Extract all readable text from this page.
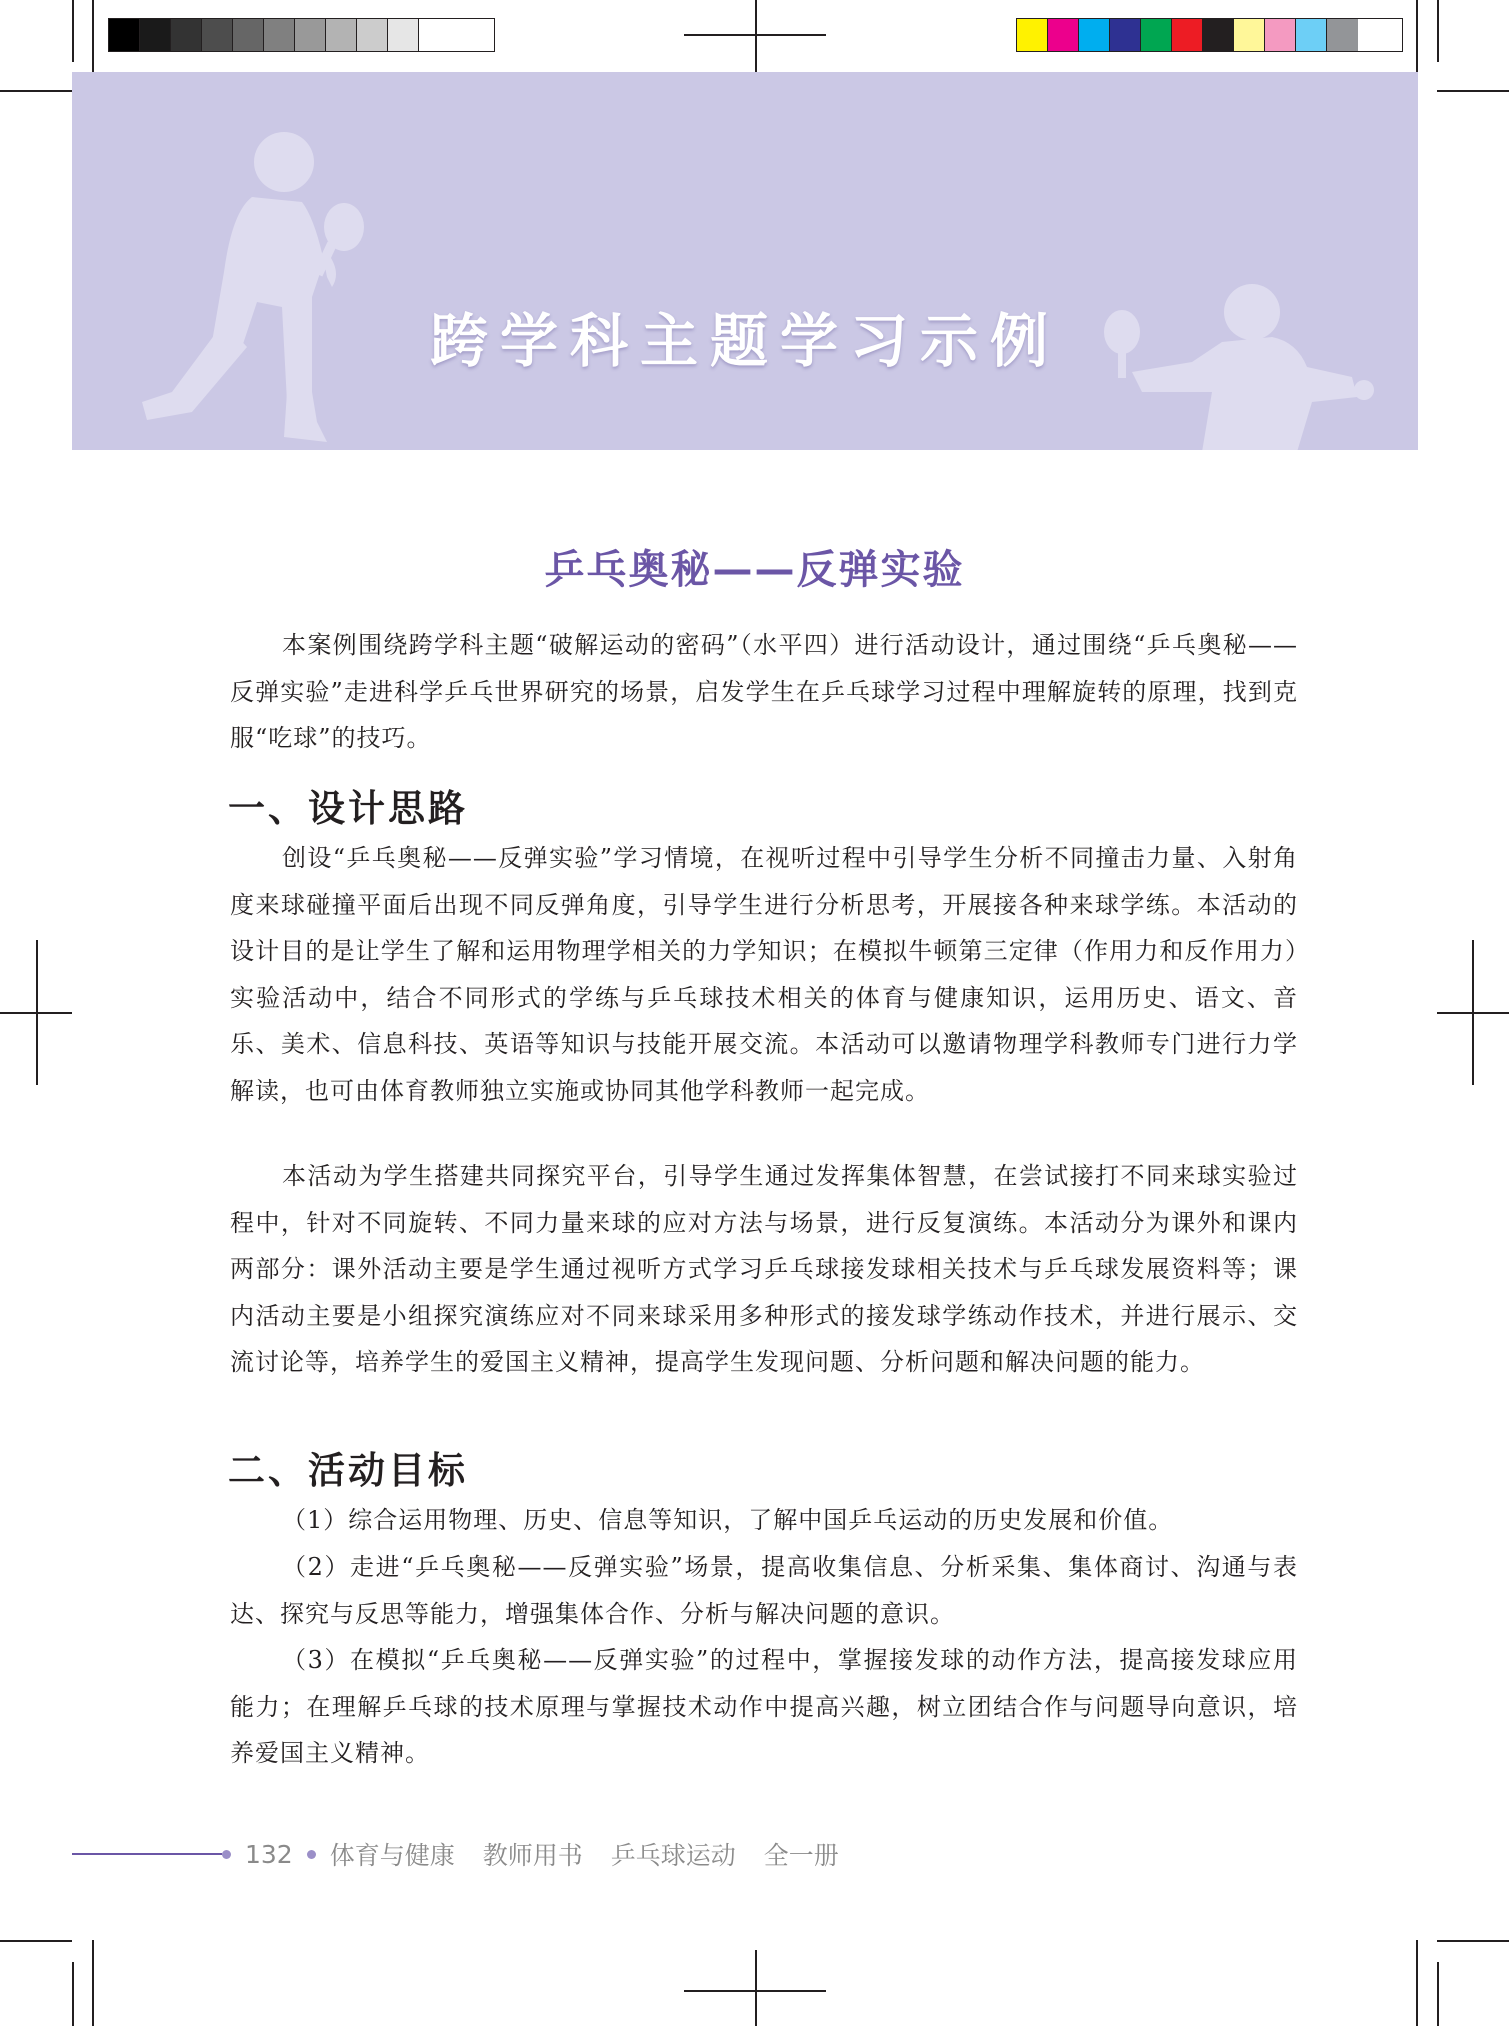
跨学科主题学习示例
乒乓奥秘——反弹实验

本案例围绕跨学科主题“破解运动的密码”（水平四）进行活动设计，通过围绕“乒乓奥秘——反弹实验”走进科学乒乓世界研究的场景，启发学生在乒乓球学习过程中理解旋转的原理，找到克服“吃球”的技巧。

一、设计思路

创设“乒乓奥秘——反弹实验”学习情境，在视听过程中引导学生分析不同撞击力量、入射角度来球碰撞平面后出现不同反弹角度，引导学生进行分析思考，开展接各种来球学练。本活动的设计目的是让学生了解和运用物理学相关的力学知识；在模拟牛顿第三定律（作用力和反作用力）实验活动中，结合不同形式的学练与乒乓球技术相关的体育与健康知识，运用历史、语文、音乐、美术、信息科技、英语等知识与技能开展交流。本活动可以邀请物理学科教师专门进行力学解读，也可由体育教师独立实施或协同其他学科教师一起完成。

本活动为学生搭建共同探究平台，引导学生通过发挥集体智慧，在尝试接打不同来球实验过程中，针对不同旋转、不同力量来球的应对方法与场景，进行反复演练。本活动分为课外和课内两部分：课外活动主要是学生通过视听方式学习乒乓球接发球相关技术与乒乓球发展资料等；课内活动主要是小组探究演练应对不同来球采用多种形式的接发球学练动作技术，并进行展示、交流讨论等，培养学生的爱国主义精神，提高学生发现问题、分析问题和解决问题的能力。

二、活动目标

（1）综合运用物理、历史、信息等知识，了解中国乒乓运动的历史发展和价值。

（2）走进“乒乓奥秘——反弹实验”场景，提高收集信息、分析采集、集体商讨、沟通与表达、探究与反思等能力，增强集体合作、分析与解决问题的意识。

（3）在模拟“乒乓奥秘——反弹实验”的过程中，掌握接发球的动作方法，提高接发球应用能力；在理解乒乓球的技术原理与掌握技术动作中提高兴趣，树立团结合作与问题导向意识，培养爱国主义精神。

132 体育与健康 教师用书 乒乓球运动 全一册
